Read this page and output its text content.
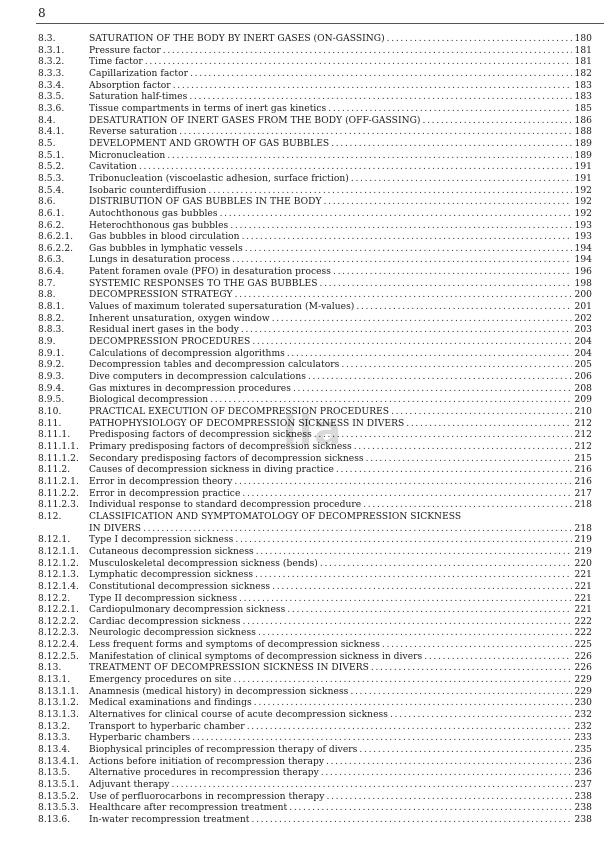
8
8.3.	SATURATION OF THE BODY BY INERT GASES (ON-GASSING) . . .	180
8.3.1.	Pressure factor . . .	181
8.3.2.	Time factor . . .	181
8.3.3.	Capillarization factor . . .	182
8.3.4.	Absorption factor . . .	183
8.3.5.	Saturation half-times . . .	183
8.3.6.	Tissue compartments in terms of inert gas kinetics . . .	185
8.4.	DESATURATION OF INERT GASES FROM THE BODY (OFF-GASSING) . . .	186
8.4.1.	Reverse saturation . . .	188
8.5.	DEVELOPMENT AND GROWTH OF GAS BUBBLES . . .	189
8.5.1.	Micronucleation . . .	189
8.5.2.	Cavitation . . .	191
8.5.3.	Tribonucleation (viscoelastic adhesion, surface friction) . . .	191
8.5.4.	Isobaric counterdiffusion . . .	192
8.6.	DISTRIBUTION OF GAS BUBBLES IN THE BODY . . .	192
8.6.1.	Autochthonous gas bubbles . . .	192
8.6.2.	Heterochthonous gas bubbles . . .	193
8.6.2.1.	Gas bubbles in blood circulation . . .	193
8.6.2.2.	Gas bubbles in lymphatic vessels . . .	194
8.6.3.	Lungs in desaturation process . . .	194
8.6.4.	Patent foramen ovale (PFO) in desaturation process . . .	196
8.7.	SYSTEMIC RESPONSES TO THE GAS BUBBLES . . .	198
8.8.	DECOMPRESSION STRATEGY . . .	200
8.8.1.	Values of maximum tolerated supersaturation (M-values) . . .	201
8.8.2.	Inherent unsaturation, oxygen window . . .	202
8.8.3.	Residual inert gases in the body . . .	203
8.9.	DECOMPRESSION PROCEDURES . . .	204
8.9.1.	Calculations of decompression algorithms . . .	204
8.9.2.	Decompression tables and decompression calculators . . .	205
8.9.3.	Dive computers in decompression calculations . . .	206
8.9.4.	Gas mixtures in decompression procedures . . .	208
8.9.5.	Biological decompression . . .	209
8.10.	PRACTICAL EXECUTION OF DECOMPRESSION PROCEDURES . . .	210
8.11.	PATHOPHYSIOLOGY OF DECOMPRESSION SICKNESS IN DIVERS . . .	212
8.11.1.	Predisposing factors of decompression sickness . . .	212
8.11.1.1.	Primary predisposing factors of decompression sickness . . .	212
8.11.1.2.	Secondary predisposing factors of decompression sickness . . .	215
8.11.2.	Causes of decompression sickness in diving practice . . .	216
8.11.2.1.	Error in decompression theory . . .	216
8.11.2.2.	Error in decompression practice . . .	217
8.11.2.3.	Individual response to standard decompression procedure . . .	218
8.12.	CLASSIFICATION AND SYMPTOMATOLOGY OF DECOMPRESSION SICKNESS
IN DIVERS . . .	218
8.12.1.	Type I decompression sickness . . .	219
8.12.1.1.	Cutaneous decompression sickness . . .	219
8.12.1.2.	Musculoskeletal decompression sickness (bends) . . .	220
8.12.1.3.	Lymphatic decompression sickness . . .	221
8.12.1.4.	Constitutional decompression sickness . . .	221
8.12.2.	Type II decompression sickness . . .	221
8.12.2.1.	Cardiopulmonary decompression sickness . . .	221
8.12.2.2.	Cardiac decompression sickness . . .	222
8.12.2.3.	Neurologic decompression sickness . . .	222
8.12.2.4.	Less frequent forms and symptoms of decompression sickness . . .	225
8.12.2.5.	Manifestation of clinical symptoms of decompression sickness in divers . . .	226
8.13.	TREATMENT OF DECOMPRESSION SICKNESS IN DIVERS . . .	226
8.13.1.	Emergency procedures on site . . .	229
8.13.1.1.	Anamnesis (medical history) in decompression sickness . . .	229
8.13.1.2.	Medical examinations and findings . . .	230
8.13.1.3.	Alternatives for clinical course of acute decompression sickness . . .	232
8.13.2.	Transport to hyperbaric chamber . . .	232
8.13.3.	Hyperbaric chambers . . .	233
8.13.4.	Biophysical principles of recompression therapy of divers . . .	235
8.13.4.1.	Actions before initiation of recompression therapy . . .	236
8.13.5.	Alternative procedures in recompression therapy . . .	236
8.13.5.1.	Adjuvant therapy . . .	237
8.13.5.2.	Use of perfluorocarbons in recompression therapy . . .	238
8.13.5.3.	Healthcare after recompression treatment . . .	238
8.13.6.	In-water recompression treatment . . .	238
ila
